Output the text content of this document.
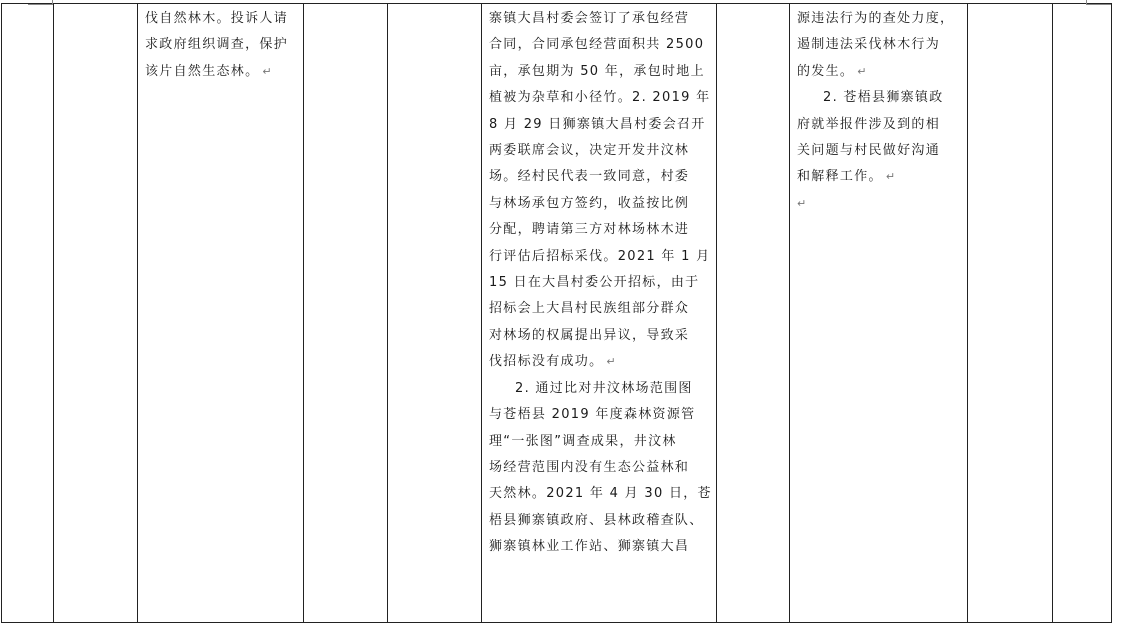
伐自然林木。投诉人请
求政府组织调查，保护
该片自然生态林。 ↵
寨镇大昌村委会签订了承包经营
合同，合同承包经营面积共 2500
亩，承包期为 50 年，承包时地上
植被为杂草和小径竹。2. 2019 年
8 月 29 日狮寨镇大昌村委会召开
两委联席会议，决定开发井汶林
场。经村民代表一致同意，村委
与林场承包方签约，收益按比例
分配，聘请第三方对林场林木进
行评估后招标采伐。2021 年 1 月
15 日在大昌村委公开招标，由于
招标会上大昌村民族组部分群众
对林场的权属提出异议，导致采
伐招标没有成功。 ↵
2. 通过比对井汶林场范围图
与苍梧县 2019 年度森林资源管
理“一张图”调查成果，井汶林
场经营范围内没有生态公益林和
天然林。2021 年 4 月 30 日，苍
梧县狮寨镇政府、县林政稽查队、
狮寨镇林业工作站、狮寨镇大昌
源违法行为的查处力度，
遏制违法采伐林木行为
的发生。 ↵
2. 苍梧县狮寨镇政
府就举报件涉及到的相
关问题与村民做好沟通
和解释工作。 ↵
↵
